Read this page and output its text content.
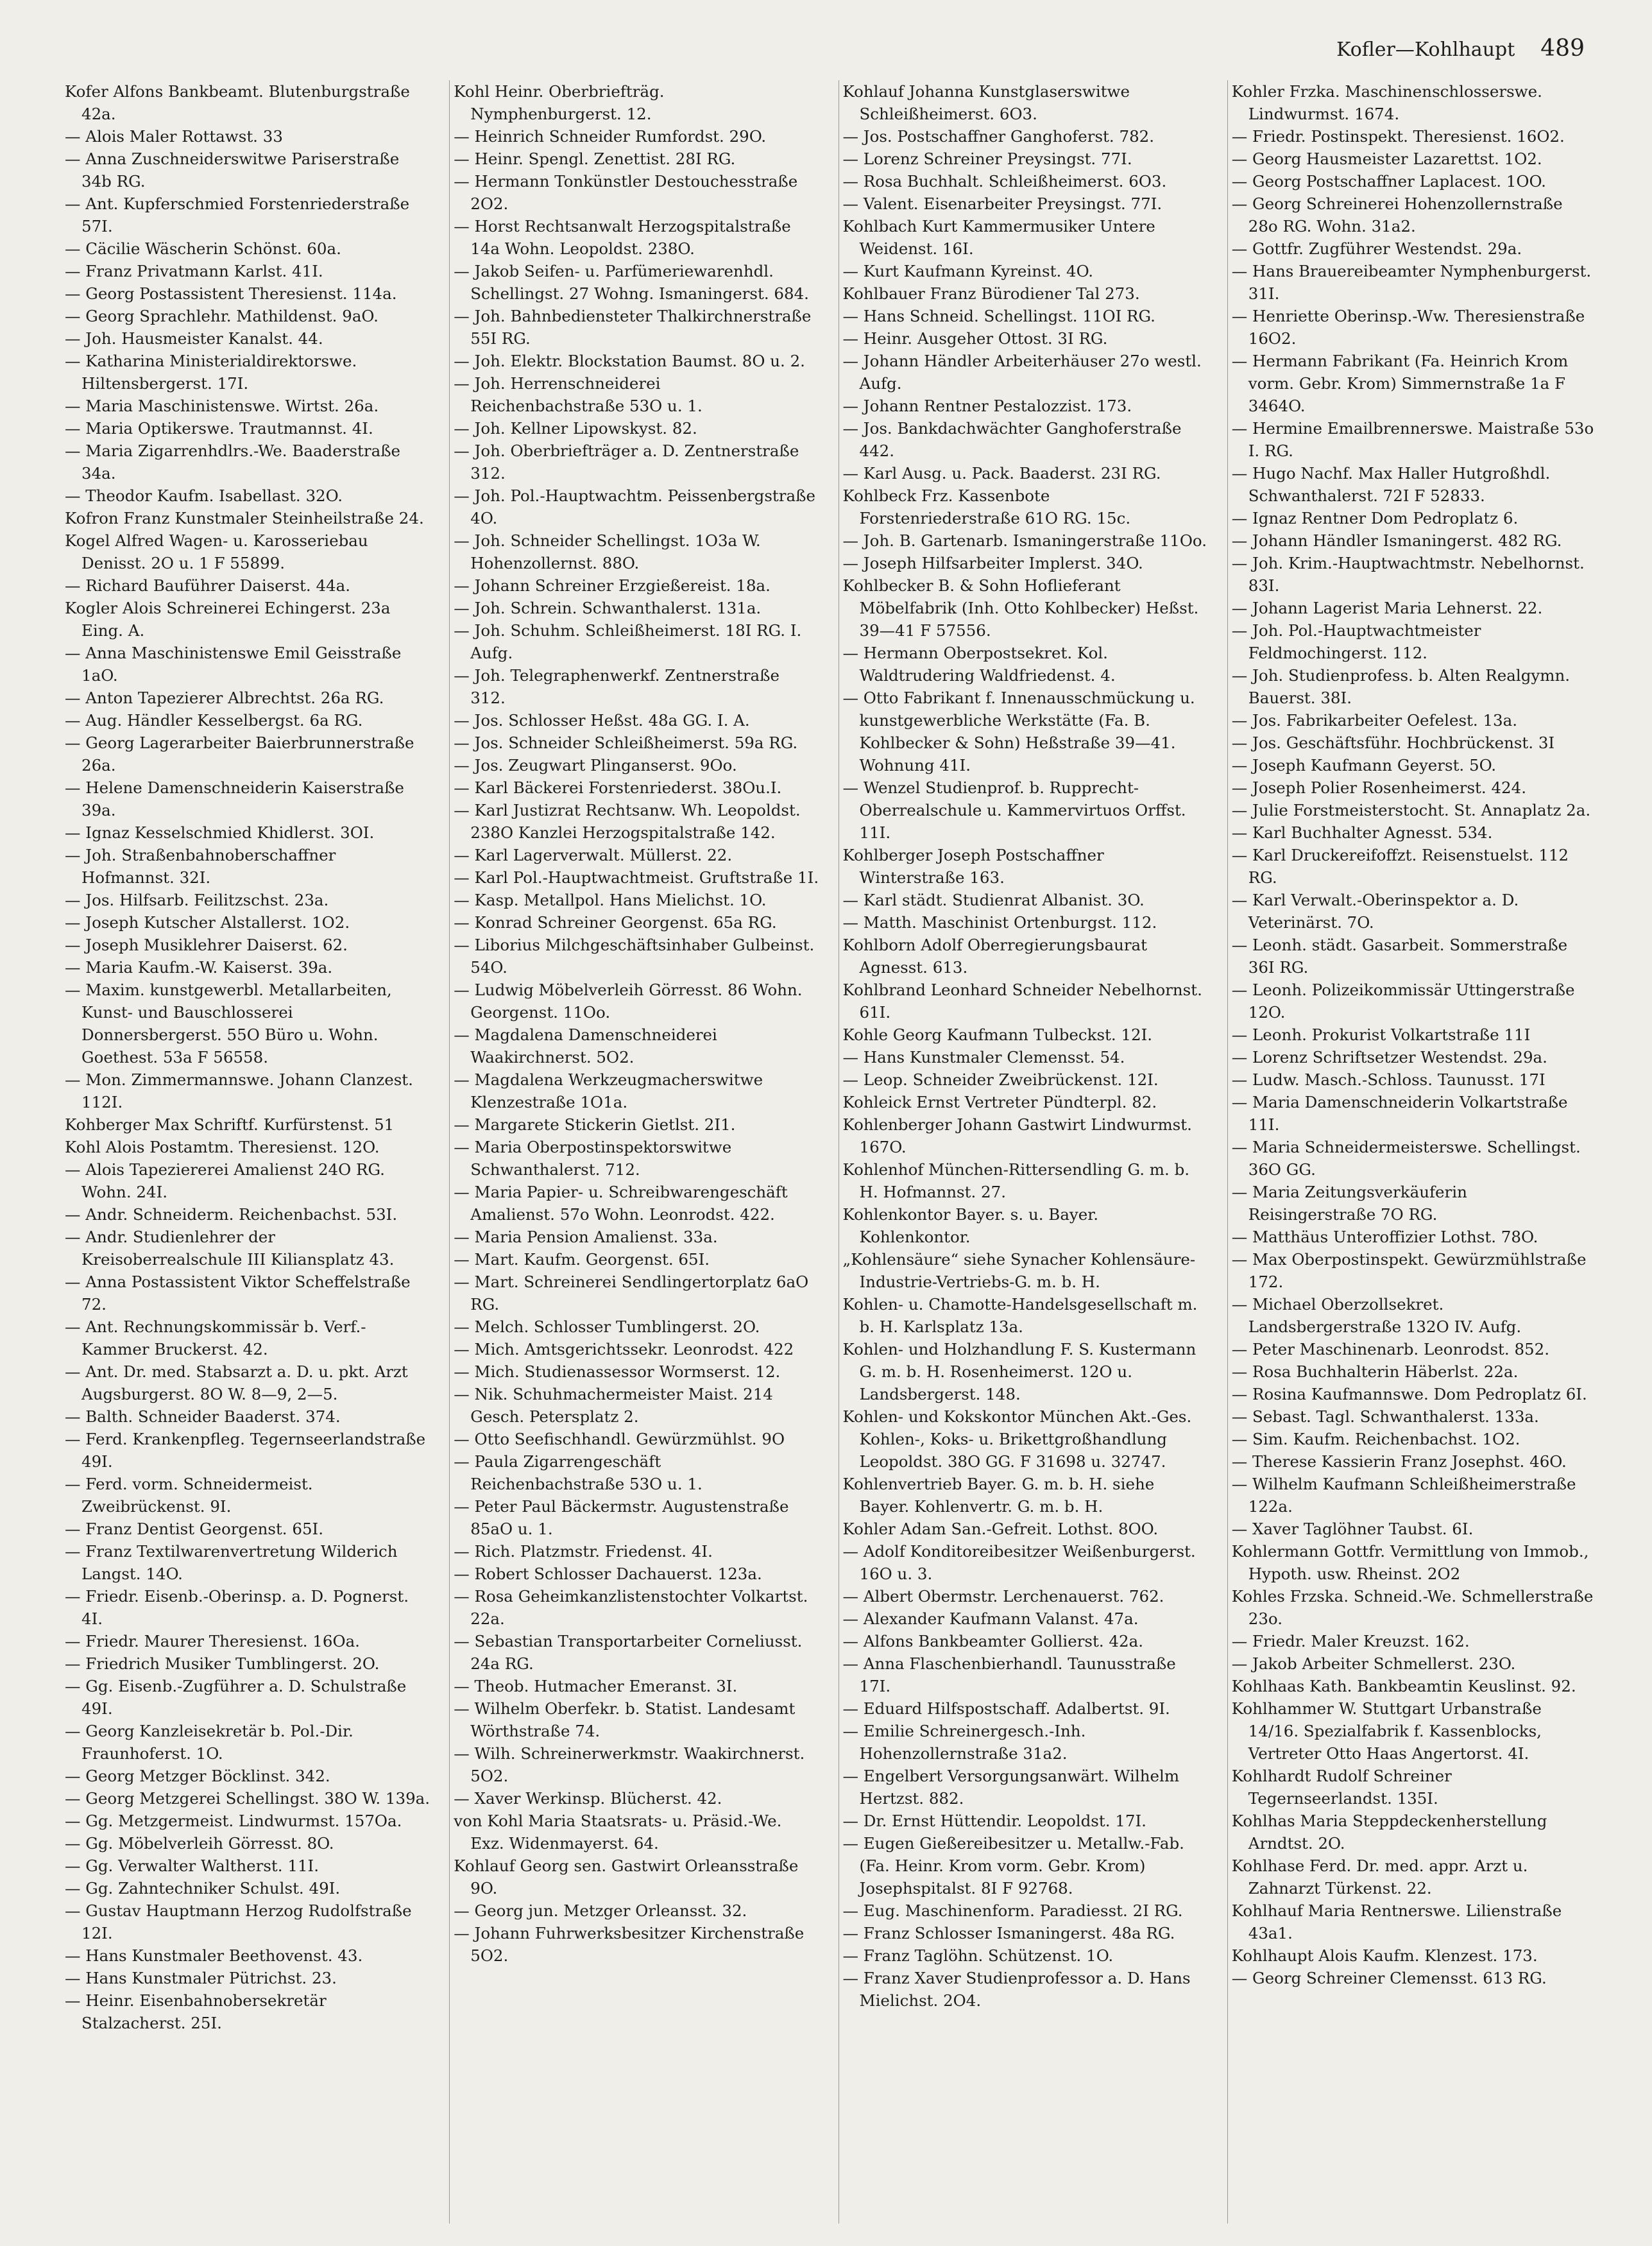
Kofler—Kohlhaupt 489

Kofer Alfons Bankbeamt. Blutenburgstraße 42a.

— Alois Maler Rottawst. 33

— Anna Zuschneiderswitwe Pariserstraße 34b RG.

— Ant. Kupferschmied Forstenriederstraße 57I.

— Cäcilie Wäscherin Schönst. 60a.

— Franz Privatmann Karlst. 41I.

— Georg Postassistent Theresienst. 114a.

— Georg Sprachlehr. Mathildenst. 9aO.

— Joh. Hausmeister Kanalst. 44.

— Katharina Ministerialdirektorswe. Hiltensbergerst. 17I.

— Maria Maschinistenswe. Wirtst. 26a.

— Maria Optikerswe. Trautmannst. 4I.

— Maria Zigarrenhdlrs.-We. Baaderstraße 34a.

— Theodor Kaufm. Isabellast. 32O.

Kofron Franz Kunstmaler Steinheilstraße 24.

Kogel Alfred Wagen- u. Karosseriebau Denisst. 2O u. 1 F 55899.

— Richard Bauführer Daiserst. 44a.

Kogler Alois Schreinerei Echingerst. 23a Eing. A.

— Anna Maschinistenswe Emil Geisstraße 1aO.

— Anton Tapezierer Albrechtst. 26a RG.

— Aug. Händler Kesselbergst. 6a RG.

— Georg Lagerarbeiter Baierbrunnerstraße 26a.

— Helene Damenschneiderin Kaiserstraße 39a.

— Ignaz Kesselschmied Khidlerst. 3OI.

— Joh. Straßenbahnoberschaffner Hofmannst. 32I.

— Jos. Hilfsarb. Feilitzschst. 23a.

— Joseph Kutscher Alstallerst. 1O2.

— Joseph Musiklehrer Daiserst. 62.

— Maria Kaufm.-W. Kaiserst. 39a.

— Maxim. kunstgewerbl. Metallarbeiten, Kunst- und Bauschlosserei Donnersbergerst. 55O Büro u. Wohn. Goethest. 53a F 56558.

— Mon. Zimmermannswe. Johann Clanzest. 112I.

Kohberger Max Schriftf. Kurfürstenst. 51

Kohl Alois Postamtm. Theresienst. 12O.

— Alois Tapeziererei Amalienst 24O RG. Wohn. 24I.

— Andr. Schneiderm. Reichenbachst. 53I.

— Andr. Studienlehrer der Kreisoberrealschule III Kiliansplatz 43.

— Anna Postassistent Viktor Scheffelstraße 72.

— Ant. Rechnungskommissär b. Verf.-Kammer Bruckerst. 42.

— Ant. Dr. med. Stabsarzt a. D. u. pkt. Arzt Augsburgerst. 8O W. 8—9, 2—5.

— Balth. Schneider Baaderst. 374.

— Ferd. Krankenpfleg. Tegernseerlandstraße 49I.

— Ferd. vorm. Schneidermeist. Zweibrückenst. 9I.

— Franz Dentist Georgenst. 65I.

— Franz Textilwarenvertretung Wilderich Langst. 14O.

— Friedr. Eisenb.-Oberinsp. a. D. Pognerst. 4I.

— Friedr. Maurer Theresienst. 16Oa.

— Friedrich Musiker Tumblingerst. 2O.

— Gg. Eisenb.-Zugführer a. D. Schulstraße 49I.

— Georg Kanzleisekretär b. Pol.-Dir. Fraunhoferst. 1O.

— Georg Metzger Böcklinst. 342.

— Georg Metzgerei Schellingst. 38O W. 139a.

— Gg. Metzgermeist. Lindwurmst. 157Oa.

— Gg. Möbelverleih Görresst. 8O.

— Gg. Verwalter Waltherst. 11I.

— Gg. Zahntechniker Schulst. 49I.

— Gustav Hauptmann Herzog Rudolfstraße 12I.

— Hans Kunstmaler Beethovenst. 43.

— Hans Kunstmaler Pütrichst. 23.

— Heinr. Eisenbahnobersekretär Stalzacherst. 25I.

Kohl Heinr. Oberbriefträg. Nymphenburgerst. 12.

— Heinrich Schneider Rumfordst. 29O.

— Heinr. Spengl. Zenettist. 28I RG.

— Hermann Tonkünstler Destouchesstraße 2O2.

— Horst Rechtsanwalt Herzogspitalstraße 14a Wohn. Leopoldst. 238O.

— Jakob Seifen- u. Parfümeriewarenhdl. Schellingst. 27 Wohng. Ismaningerst. 684.

— Joh. Bahnbediensteter Thalkirchnerstraße 55I RG.

— Joh. Elektr. Blockstation Baumst. 8O u. 2.

— Joh. Herrenschneiderei Reichenbachstraße 53O u. 1.

— Joh. Kellner Lipowskyst. 82.

— Joh. Oberbriefträger a. D. Zentnerstraße 312.

— Joh. Pol.-Hauptwachtm. Peissenbergstraße 4O.

— Joh. Schneider Schellingst. 1O3a W. Hohenzollernst. 88O.

— Johann Schreiner Erzgießereist. 18a.

— Joh. Schrein. Schwanthalerst. 131a.

— Joh. Schuhm. Schleißheimerst. 18I RG. I. Aufg.

— Joh. Telegraphenwerkf. Zentnerstraße 312.

— Jos. Schlosser Heßst. 48a GG. I. A.

— Jos. Schneider Schleißheimerst. 59a RG.

— Jos. Zeugwart Plinganserst. 9Oo.

— Karl Bäckerei Forstenriederst. 38Ou.I.

— Karl Justizrat Rechtsanw. Wh. Leopoldst. 238O Kanzlei Herzogspitalstraße 142.

— Karl Lagerverwalt. Müllerst. 22.

— Karl Pol.-Hauptwachtmeist. Gruftstraße 1I.

— Kasp. Metallpol. Hans Mielichst. 1O.

— Konrad Schreiner Georgenst. 65a RG.

— Liborius Milchgeschäftsinhaber Gulbeinst. 54O.

— Ludwig Möbelverleih Görresst. 86 Wohn. Georgenst. 11Oo.

— Magdalena Damenschneiderei Waakirchnerst. 5O2.

— Magdalena Werkzeugmacherswitwe Klenzestraße 1O1a.

— Margarete Stickerin Gietlst. 2I1.

— Maria Oberpostinspektorswitwe Schwanthalerst. 712.

— Maria Papier- u. Schreibwarengeschäft Amalienst. 57o Wohn. Leonrodst. 422.

— Maria Pension Amalienst. 33a.

— Mart. Kaufm. Georgenst. 65I.

— Mart. Schreinerei Sendlingertorplatz 6aO RG.

— Melch. Schlosser Tumblingerst. 2O.

— Mich. Amtsgerichtssekr. Leonrodst. 422

— Mich. Studienassessor Wormserst. 12.

— Nik. Schuhmachermeister Maist. 214 Gesch. Petersplatz 2.

— Otto Seefischhandl. Gewürzmühlst. 9O

— Paula Zigarrengeschäft Reichenbachstraße 53O u. 1.

— Peter Paul Bäckermstr. Augustenstraße 85aO u. 1.

— Rich. Platzmstr. Friedenst. 4I.

— Robert Schlosser Dachauerst. 123a.

— Rosa Geheimkanzlistenstochter Volkartst. 22a.

— Sebastian Transportarbeiter Corneliusst. 24a RG.

— Theob. Hutmacher Emeranst. 3I.

— Wilhelm Oberfekr. b. Statist. Landesamt Wörthstraße 74.

— Wilh. Schreinerwerkmstr. Waakirchnerst. 5O2.

— Xaver Werkinsp. Blücherst. 42.

von Kohl Maria Staatsrats- u. Präsid.-We. Exz. Widenmayerst. 64.

Kohlauf Georg sen. Gastwirt Orleansstraße 9O.

— Georg jun. Metzger Orleansst. 32.

— Johann Fuhrwerksbesitzer Kirchenstraße 5O2.

Kohlauf Johanna Kunstglaserswitwe Schleißheimerst. 6O3.

— Jos. Postschaffner Ganghoferst. 782.

— Lorenz Schreiner Preysingst. 77I.

— Rosa Buchhalt. Schleißheimerst. 6O3.

— Valent. Eisenarbeiter Preysingst. 77I.

Kohlbach Kurt Kammermusiker Untere Weidenst. 16I.

— Kurt Kaufmann Kyreinst. 4O.

Kohlbauer Franz Bürodiener Tal 273.

— Hans Schneid. Schellingst. 11OI RG.

— Heinr. Ausgeher Ottost. 3I RG.

— Johann Händler Arbeiterhäuser 27o westl. Aufg.

— Johann Rentner Pestalozzist. 173.

— Jos. Bankdachwächter Ganghoferstraße 442.

— Karl Ausg. u. Pack. Baaderst. 23I RG.

Kohlbeck Frz. Kassenbote Forstenriederstraße 61O RG. 15c.

— Joh. B. Gartenarb. Ismaningerstraße 11Oo.

— Joseph Hilfsarbeiter Implerst. 34O.

Kohlbecker B. & Sohn Hoflieferant Möbelfabrik (Inh. Otto Kohlbecker) Heßst. 39—41 F 57556.

— Hermann Oberpostsekret. Kol. Waldtrudering Waldfriedenst. 4.

— Otto Fabrikant f. Innenausschmückung u. kunstgewerbliche Werkstätte (Fa. B. Kohlbecker & Sohn) Heßstraße 39—41. Wohnung 41I.

— Wenzel Studienprof. b. Rupprecht-Oberrealschule u. Kammervirtuos Orffst. 11I.

Kohlberger Joseph Postschaffner Winterstraße 163.

— Karl städt. Studienrat Albanist. 3O.

— Matth. Maschinist Ortenburgst. 112.

Kohlborn Adolf Oberregierungsbaurat Agnesst. 613.

Kohlbrand Leonhard Schneider Nebelhornst. 61I.

Kohle Georg Kaufmann Tulbeckst. 12I.

— Hans Kunstmaler Clemensst. 54.

— Leop. Schneider Zweibrückenst. 12I.

Kohleick Ernst Vertreter Pündterpl. 82.

Kohlenberger Johann Gastwirt Lindwurmst. 167O.

Kohlenhof München-Rittersendling G. m. b. H. Hofmannst. 27.

Kohlenkontor Bayer. s. u. Bayer. Kohlenkontor.

„Kohlensäure“ siehe Synacher Kohlensäure-Industrie-Vertriebs-G. m. b. H.

Kohlen- u. Chamotte-Handelsgesellschaft m. b. H. Karlsplatz 13a.

Kohlen- und Holzhandlung F. S. Kustermann G. m. b. H. Rosenheimerst. 12O u. Landsbergerst. 148.

Kohlen- und Kokskontor München Akt.-Ges. Kohlen-, Koks- u. Brikettgroßhandlung Leopoldst. 38O GG. F 31698 u. 32747.

Kohlenvertrieb Bayer. G. m. b. H. siehe Bayer. Kohlenvertr. G. m. b. H.

Kohler Adam San.-Gefreit. Lothst. 8OO.

— Adolf Konditoreibesitzer Weißenburgerst. 16O u. 3.

— Albert Obermstr. Lerchenauerst. 762.

— Alexander Kaufmann Valanst. 47a.

— Alfons Bankbeamter Gollierst. 42a.

— Anna Flaschenbierhandl. Taunusstraße 17I.

— Eduard Hilfspostschaff. Adalbertst. 9I.

— Emilie Schreinergesch.-Inh. Hohenzollernstraße 31a2.

— Engelbert Versorgungsanwärt. Wilhelm Hertzst. 882.

— Dr. Ernst Hüttendir. Leopoldst. 17I.

— Eugen Gießereibesitzer u. Metallw.-Fab. (Fa. Heinr. Krom vorm. Gebr. Krom) Josephspitalst. 8I F 92768.

— Eug. Maschinenform. Paradiesst. 2I RG.

— Franz Schlosser Ismaningerst. 48a RG.

— Franz Taglöhn. Schützenst. 1O.

— Franz Xaver Studienprofessor a. D. Hans Mielichst. 2O4.

Kohler Frzka. Maschinenschlosserswe. Lindwurmst. 1674.

— Friedr. Postinspekt. Theresienst. 16O2.

— Georg Hausmeister Lazarettst. 1O2.

— Georg Postschaffner Laplacest. 1OO.

— Georg Schreinerei Hohenzollernstraße 28o RG. Wohn. 31a2.

— Gottfr. Zugführer Westendst. 29a.

— Hans Brauereibeamter Nymphenburgerst. 31I.

— Henriette Oberinsp.-Ww. Theresienstraße 16O2.

— Hermann Fabrikant (Fa. Heinrich Krom vorm. Gebr. Krom) Simmernstraße 1a F 3464O.

— Hermine Emailbrennerswe. Maistraße 53o I. RG.

— Hugo Nachf. Max Haller Hutgroßhdl. Schwanthalerst. 72I F 52833.

— Ignaz Rentner Dom Pedroplatz 6.

— Johann Händler Ismaningerst. 482 RG.

— Joh. Krim.-Hauptwachtmstr. Nebelhornst. 83I.

— Johann Lagerist Maria Lehnerst. 22.

— Joh. Pol.-Hauptwachtmeister Feldmochingerst. 112.

— Joh. Studienprofess. b. Alten Realgymn. Bauerst. 38I.

— Jos. Fabrikarbeiter Oefelest. 13a.

— Jos. Geschäftsführ. Hochbrückenst. 3I

— Joseph Kaufmann Geyerst. 5O.

— Joseph Polier Rosenheimerst. 424.

— Julie Forstmeisterstocht. St. Annaplatz 2a.

— Karl Buchhalter Agnesst. 534.

— Karl Druckereifoffzt. Reisenstuelst. 112 RG.

— Karl Verwalt.-Oberinspektor a. D. Veterinärst. 7O.

— Leonh. städt. Gasarbeit. Sommerstraße 36I RG.

— Leonh. Polizeikommissär Uttingerstraße 12O.

— Leonh. Prokurist Volkartstraße 11I

— Lorenz Schriftsetzer Westendst. 29a.

— Ludw. Masch.-Schloss. Taunusst. 17I

— Maria Damenschneiderin Volkartstraße 11I.

— Maria Schneidermeisterswe. Schellingst. 36O GG.

— Maria Zeitungsverkäuferin Reisingerstraße 7O RG.

— Matthäus Unteroffizier Lothst. 78O.

— Max Oberpostinspekt. Gewürzmühlstraße 172.

— Michael Oberzollsekret. Landsbergerstraße 132O IV. Aufg.

— Peter Maschinenarb. Leonrodst. 852.

— Rosa Buchhalterin Häberlst. 22a.

— Rosina Kaufmannswe. Dom Pedroplatz 6I.

— Sebast. Tagl. Schwanthalerst. 133a.

— Sim. Kaufm. Reichenbachst. 1O2.

— Therese Kassierin Franz Josephst. 46O.

— Wilhelm Kaufmann Schleißheimerstraße 122a.

— Xaver Taglöhner Taubst. 6I.

Kohlermann Gottfr. Vermittlung von Immob., Hypoth. usw. Rheinst. 2O2

Kohles Frzska. Schneid.-We. Schmellerstraße 23o.

— Friedr. Maler Kreuzst. 162.

— Jakob Arbeiter Schmellerst. 23O.

Kohlhaas Kath. Bankbeamtin Keuslinst. 92.

Kohlhammer W. Stuttgart Urbanstraße 14/16. Spezialfabrik f. Kassenblocks, Vertreter Otto Haas Angertorst. 4I.

Kohlhardt Rudolf Schreiner Tegernseerlandst. 135I.

Kohlhas Maria Steppdeckenherstellung Arndtst. 2O.

Kohlhase Ferd. Dr. med. appr. Arzt u. Zahnarzt Türkenst. 22.

Kohlhauf Maria Rentnerswe. Lilienstraße 43a1.

Kohlhaupt Alois Kaufm. Klenzest. 173.

— Georg Schreiner Clemensst. 613 RG.
